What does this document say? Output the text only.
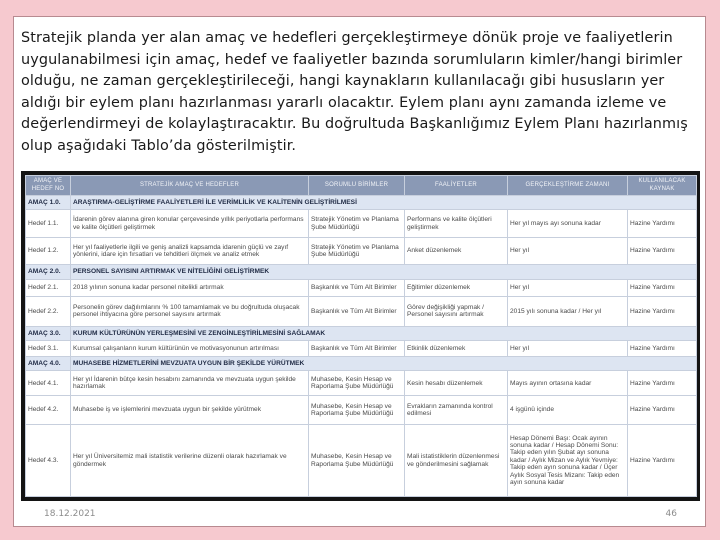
Stratejik planda yer alan amaç ve hedefleri gerçekleştirmeye dönük proje ve faaliyetlerin uygulanabilmesi için amaç, hedef ve faaliyetler bazında sorumluların kimler/hangi birimler olduğu, ne zaman gerçekleştirileceği, hangi kaynakların kullanılacağı gibi hususların yer aldığı bir eylem planı hazırlanması yararlı olacaktır. Eylem planı aynı zamanda izleme ve değerlendirmeyi de kolaylaştıracaktır. Bu doğrultuda Başkanlığımız Eylem Planı hazırlanmış olup aşağıdaki Tablo’da gösterilmiştir.

AMAÇ VE HEDEF NO	STRATEJİK AMAÇ VE HEDEFLER	SORUMLU BİRİMLER	FAALİYETLER	GERÇEKLEŞTİRME ZAMANI	KULLANILACAK KAYNAK
AMAÇ 1.0.	ARAŞTIRMA-GELİŞTİRME FAALİYETLERİ İLE VERİMLİLİK VE KALİTENİN GELİŞTİRİLMESİ				
Hedef 1.1.	İdarenin görev alanına giren konular çerçevesinde yıllık periyotlarla performans ve kalite ölçütleri geliştirmek	Stratejik Yönetim ve Planlama Şube Müdürlüğü	Performans ve kalite ölçütleri geliştirmek	Her yıl mayıs ayı sonuna kadar	Hazine Yardımı
Hedef 1.2.	Her yıl faaliyetlerle ilgili ve geniş analizli kapsamda idarenin güçlü ve zayıf yönlerini, idare için fırsatları ve tehditleri ölçmek ve analiz etmek	Stratejik Yönetim ve Planlama Şube Müdürlüğü	Anket düzenlemek	Her yıl	Hazine Yardımı
AMAÇ 2.0.	PERSONEL SAYISINI ARTIRMAK VE NİTELİĞİNİ GELİŞTİRMEK				
Hedef 2.1.	2018 yılının sonuna kadar personel nitelikli artırmak	Başkanlık ve Tüm Alt Birimler	Eğitimler düzenlemek	Her yıl	Hazine Yardımı
Hedef 2.2.	Personelin görev dağılımlarını % 100 tamamlamak ve bu doğrultuda oluşacak personel ihtiyacına göre personel sayısını artırmak	Başkanlık ve Tüm Alt Birimler	Görev değişikliği yapmak / Personel sayısını artırmak	2015 yılı sonuna kadar / Her yıl	Hazine Yardımı
AMAÇ 3.0.	KURUM KÜLTÜRÜNÜN YERLEŞMESİNİ VE ZENGİNLEŞTİRİLMESİNİ SAĞLAMAK				
Hedef 3.1.	Kurumsal çalışanların kurum kültürünün ve motivasyonunun artırılması	Başkanlık ve Tüm Alt Birimler	Etkinlik düzenlemek	Her yıl	Hazine Yardımı
AMAÇ 4.0.	MUHASEBE HİZMETLERİNİ MEVZUATA UYGUN BİR ŞEKİLDE YÜRÜTMEK				
Hedef 4.1.	Her yıl İdarenin bütçe kesin hesabını zamanında ve mevzuata uygun şekilde hazırlamak	Muhasebe, Kesin Hesap ve Raporlama Şube Müdürlüğü	Kesin hesabı düzenlemek	Mayıs ayının ortasına kadar	Hazine Yardımı
Hedef 4.2.	Muhasebe iş ve işlemlerini mevzuata uygun bir şekilde yürütmek	Muhasebe, Kesin Hesap ve Raporlama Şube Müdürlüğü	Evrakların zamanında kontrol edilmesi	4 işgünü içinde	Hazine Yardımı
Hedef 4.3.	Her yıl Üniversitemiz mali istatistik verilerine düzenli olarak hazırlamak ve göndermek	Muhasebe, Kesin Hesap ve Raporlama Şube Müdürlüğü	Mali istatistiklerin düzenlenmesi ve gönderilmesini sağlamak	Hesap Dönemi Başı: Ocak ayının sonuna kadar / Hesap Dönemi Sonu: Takip eden yılın Şubat ayı sonuna kadar / Aylık Mizan ve Aylık Yevmiye: Takip eden ayın sonuna kadar / Üçer Aylık Sosyal Tesis Mizanı: Takip eden ayın sonuna kadar	Hazine Yardımı
18.12.2021	46
